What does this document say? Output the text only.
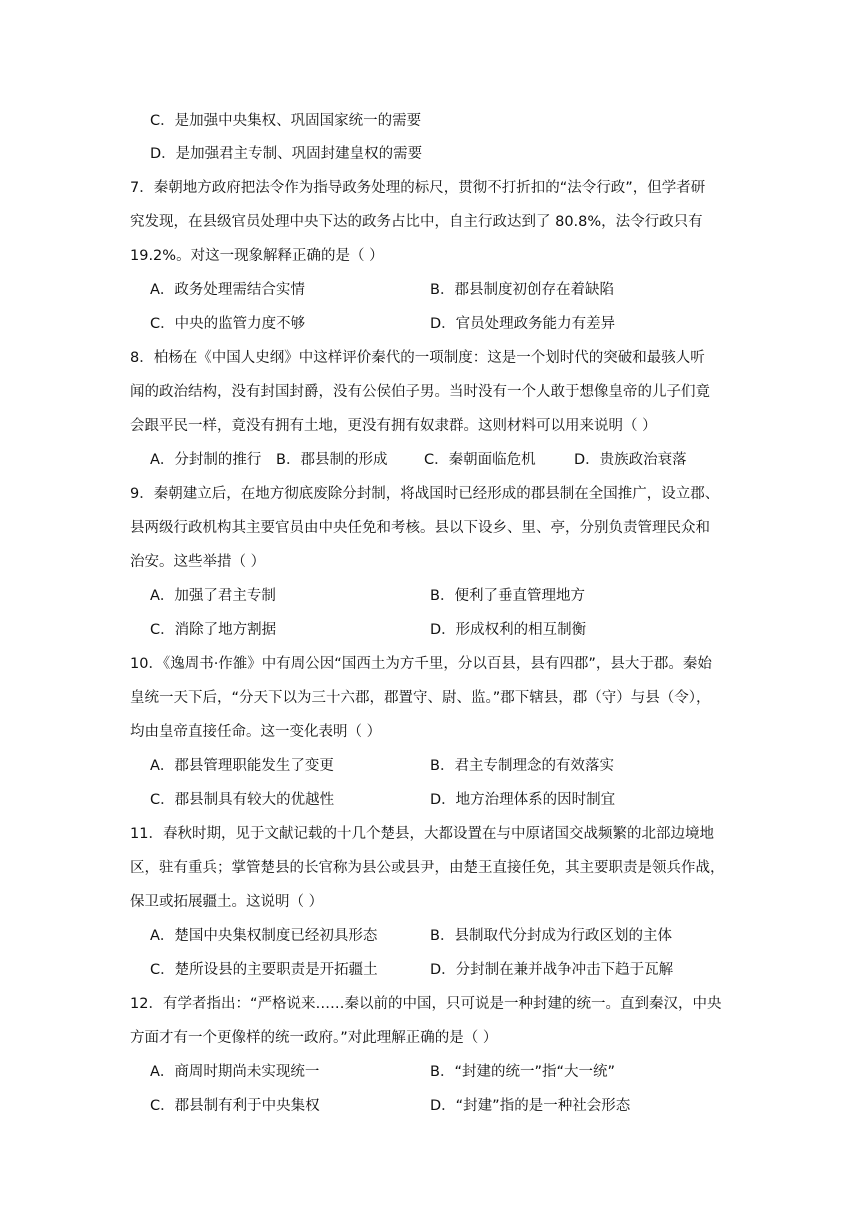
C．是加强中央集权、巩固国家统一的需要
D．是加强君主专制、巩固封建皇权的需要
7．秦朝地方政府把法令作为指导政务处理的标尺，贯彻不打折扣的“法令行政”，但学者研
究发现，在县级官员处理中央下达的政务占比中，自主行政达到了 80.8%，法令行政只有
19.2%。对这一现象解释正确的是（ ）
A．政务处理需结合实情	B．郡县制度初创存在着缺陷
C．中央的监管力度不够	D．官员处理政务能力有差异
8．柏杨在《中国人史纲》中这样评价秦代的一项制度：这是一个划时代的突破和最骇人听
闻的政治结构，没有封国封爵，没有公侯伯子男。当时没有一个人敢于想像皇帝的儿子们竟
会跟平民一样，竟没有拥有土地，更没有拥有奴隶群。这则材料可以用来说明（ ）
A．分封制的推行 B．郡县制的形成	C．秦朝面临危机	D．贵族政治衰落
9．秦朝建立后，在地方彻底废除分封制，将战国时已经形成的郡县制在全国推广，设立郡、
县两级行政机构其主要官员由中央任免和考核。县以下设乡、里、亭，分别负责管理民众和
治安。这些举措（ ）
A．加强了君主专制	B．便利了垂直管理地方
C．消除了地方割据	D．形成权利的相互制衡
10．《逸周书·作雒》中有周公因“国西土为方千里，分以百县，县有四郡”，县大于郡。秦始
皇统一天下后，“分天下以为三十六郡，郡置守、尉、监。”郡下辖县，郡（守）与县（令），
均由皇帝直接任命。这一变化表明（ ）
A．郡县管理职能发生了变更	B．君主专制理念的有效落实
C．郡县制具有较大的优越性	D．地方治理体系的因时制宜
11．春秋时期，见于文献记载的十几个楚县，大都设置在与中原诸国交战频繁的北部边境地
区，驻有重兵；掌管楚县的长官称为县公或县尹，由楚王直接任免，其主要职责是领兵作战，
保卫或拓展疆土。这说明（ ）
A．楚国中央集权制度已经初具形态	B．县制取代分封成为行政区划的主体
C．楚所设县的主要职责是开拓疆土	D．分封制在兼并战争冲击下趋于瓦解
12．有学者指出：“严格说来……秦以前的中国，只可说是一种封建的统一。直到秦汉，中央
方面才有一个更像样的统一政府。”对此理解正确的是（ ）
A．商周时期尚未实现统一	B．“封建的统一”指“大一统”
C．郡县制有利于中央集权	D．“封建”指的是一种社会形态
